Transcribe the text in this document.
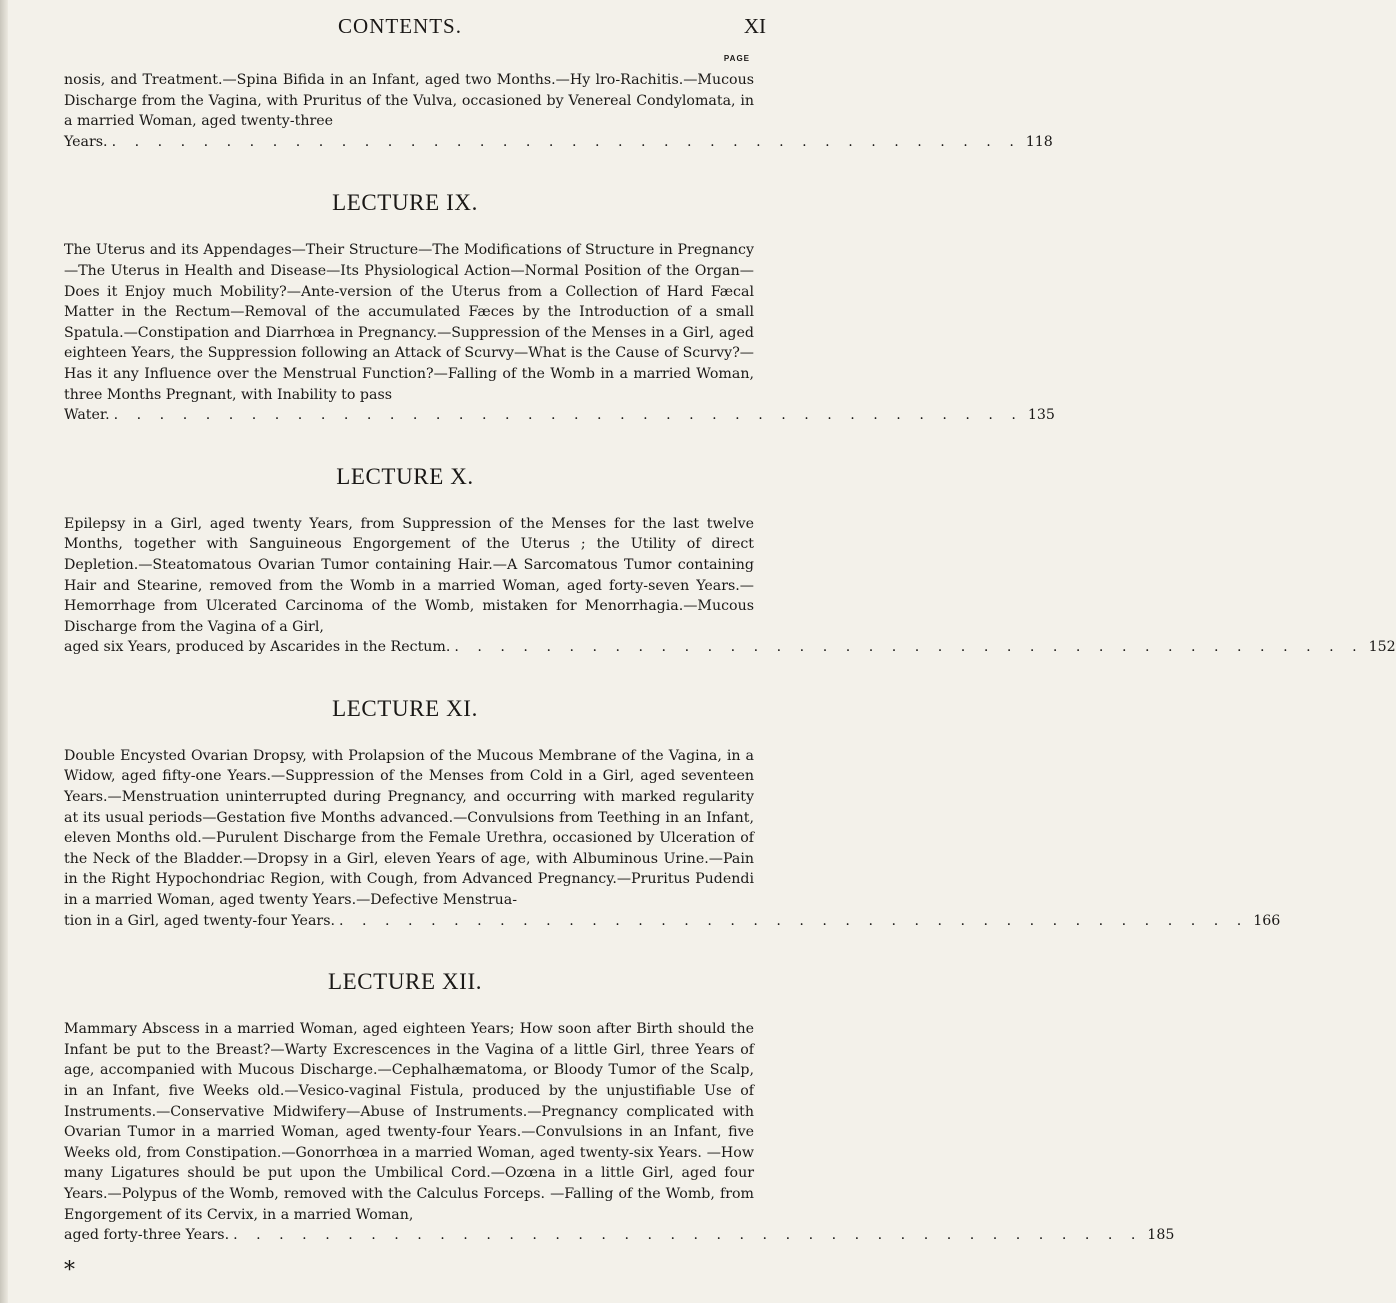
CONTENTS.	XI
PAGE
nosis, and Treatment.—Spina Bifida in an Infant, aged two Months.—Hy lro-Rachitis.—Mucous Discharge from the Vagina, with Pruritus of the Vulva, occasioned by Venereal Condylomata, in a married Woman, aged twenty-three
Years. . . . . . . . . . . . . . . . . . . . . . . . . . . . . . . . . . . . . . . . . 118
LECTURE IX.
The Uterus and its Appendages—Their Structure—The Modifications of Structure in Pregnancy—The Uterus in Health and Disease—Its Physiological Action—Normal Position of the Organ—Does it Enjoy much Mobility?—Ante-version of the Uterus from a Collection of Hard Fæcal Matter in the Rectum—Removal of the accumulated Fæces by the Introduction of a small Spatula.—Constipation and Diarrhœa in Pregnancy.—Suppression of the Menses in a Girl, aged eighteen Years, the Suppression following an Attack of Scurvy—What is the Cause of Scurvy?—Has it any Influence over the Menstrual Function?—Falling of the Womb in a married Woman, three Months Pregnant, with Inability to pass
Water. . . . . . . . . . . . . . . . . . . . . . . . . . . . . . . . . . . . . . . . . 135
LECTURE X.
Epilepsy in a Girl, aged twenty Years, from Suppression of the Menses for the last twelve Months, together with Sanguineous Engorgement of the Uterus ; the Utility of direct Depletion.—Steatomatous Ovarian Tumor containing Hair.—A Sarcomatous Tumor containing Hair and Stearine, removed from the Womb in a married Woman, aged forty-seven Years.—Hemorrhage from Ulcerated Carcinoma of the Womb, mistaken for Menorrhagia.—Mucous Discharge from the Vagina of a Girl,
aged six Years, produced by Ascarides in the Rectum. . . . . . . . . . . . . . . . . . . . . . . . . . . . . . . . . . . . . . . . . 152
LECTURE XI.
Double Encysted Ovarian Dropsy, with Prolapsion of the Mucous Membrane of the Vagina, in a Widow, aged fifty-one Years.—Suppression of the Menses from Cold in a Girl, aged seventeen Years.—Menstruation uninterrupted during Pregnancy, and occurring with marked regularity at its usual periods—Gestation five Months advanced.—Convulsions from Teething in an Infant, eleven Months old.—Purulent Discharge from the Female Urethra, occasioned by Ulceration of the Neck of the Bladder.—Dropsy in a Girl, eleven Years of age, with Albuminous Urine.—Pain in the Right Hypochondriac Region, with Cough, from Advanced Pregnancy.—Pruritus Pudendi in a married Woman, aged twenty Years.—Defective Menstrua-
tion in a Girl, aged twenty-four Years. . . . . . . . . . . . . . . . . . . . . . . . . . . . . . . . . . . . . . . . . 166
LECTURE XII.
Mammary Abscess in a married Woman, aged eighteen Years; How soon after Birth should the Infant be put to the Breast?—Warty Excrescences in the Vagina of a little Girl, three Years of age, accompanied with Mucous Discharge.—Cephalhæmatoma, or Bloody Tumor of the Scalp, in an Infant, five Weeks old.—Vesico-vaginal Fistula, produced by the unjustifiable Use of Instruments.—Conservative Midwifery—Abuse of Instruments.—Pregnancy complicated with Ovarian Tumor in a married Woman, aged twenty-four Years.—Convulsions in an Infant, five Weeks old, from Constipation.—Gonorrhœa in a married Woman, aged twenty-six Years. —How many Ligatures should be put upon the Umbilical Cord.—Ozœna in a little Girl, aged four Years.—Polypus of the Womb, removed with the Calculus Forceps. —Falling of the Womb, from Engorgement of its Cervix, in a married Woman,
aged forty-three Years. . . . . . . . . . . . . . . . . . . . . . . . . . . . . . . . . . . . . . . . . 185
*
